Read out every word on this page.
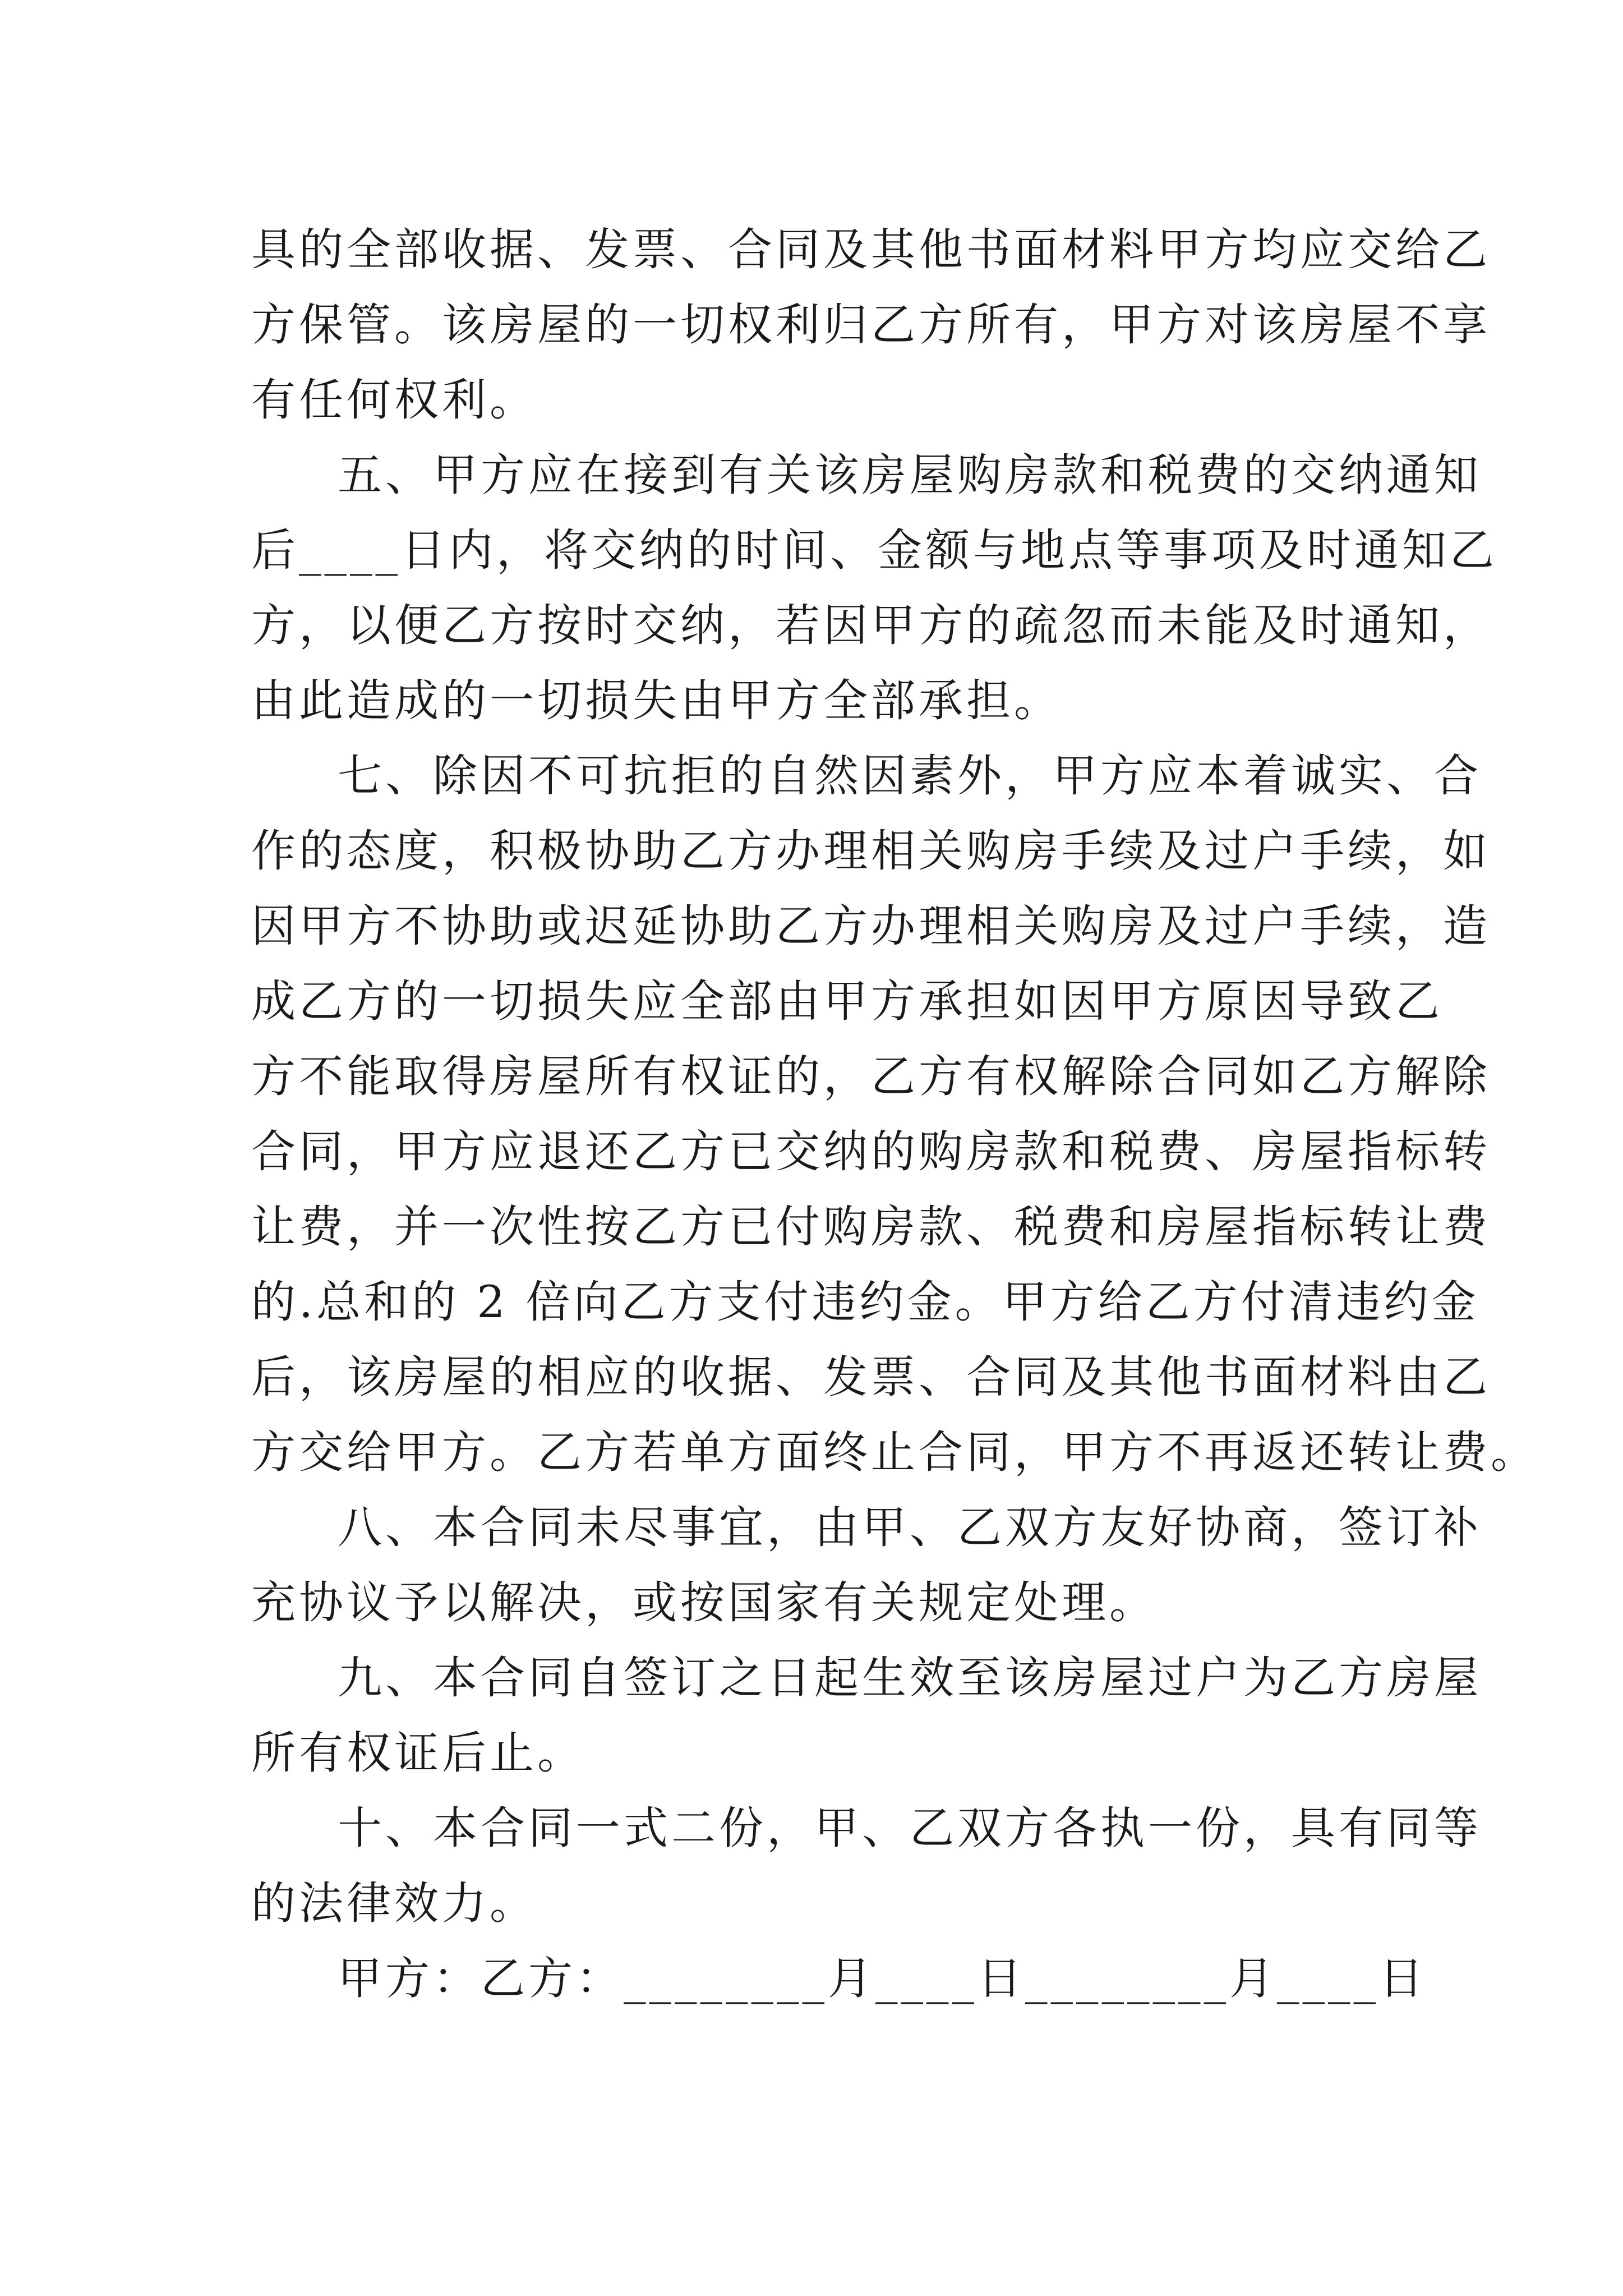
具的全部收据、发票、合同及其他书面材料甲方均应交给乙
方保管。该房屋的一切权利归乙方所有，甲方对该房屋不享
有任何权利。
五、甲方应在接到有关该房屋购房款和税费的交纳通知
后____日内，将交纳的时间、金额与地点等事项及时通知乙
方，以便乙方按时交纳，若因甲方的疏忽而未能及时通知，
由此造成的一切损失由甲方全部承担。
七、除因不可抗拒的自然因素外，甲方应本着诚实、合
作的态度，积极协助乙方办理相关购房手续及过户手续，如
因甲方不协助或迟延协助乙方办理相关购房及过户手续，造
成乙方的一切损失应全部由甲方承担如因甲方原因导致乙
方不能取得房屋所有权证的，乙方有权解除合同如乙方解除
合同，甲方应退还乙方已交纳的购房款和税费、房屋指标转
让费，并一次性按乙方已付购房款、税费和房屋指标转让费
的.总和的 2 倍向乙方支付违约金。甲方给乙方付清违约金
后，该房屋的相应的收据、发票、合同及其他书面材料由乙
方交给甲方。乙方若单方面终止合同，甲方不再返还转让费。
八、本合同未尽事宜，由甲、乙双方友好协商，签订补
充协议予以解决，或按国家有关规定处理。
九、本合同自签订之日起生效至该房屋过户为乙方房屋
所有权证后止。
十、本合同一式二份，甲、乙双方各执一份，具有同等
的法律效力。
甲方：乙方：________月____日________月____日
